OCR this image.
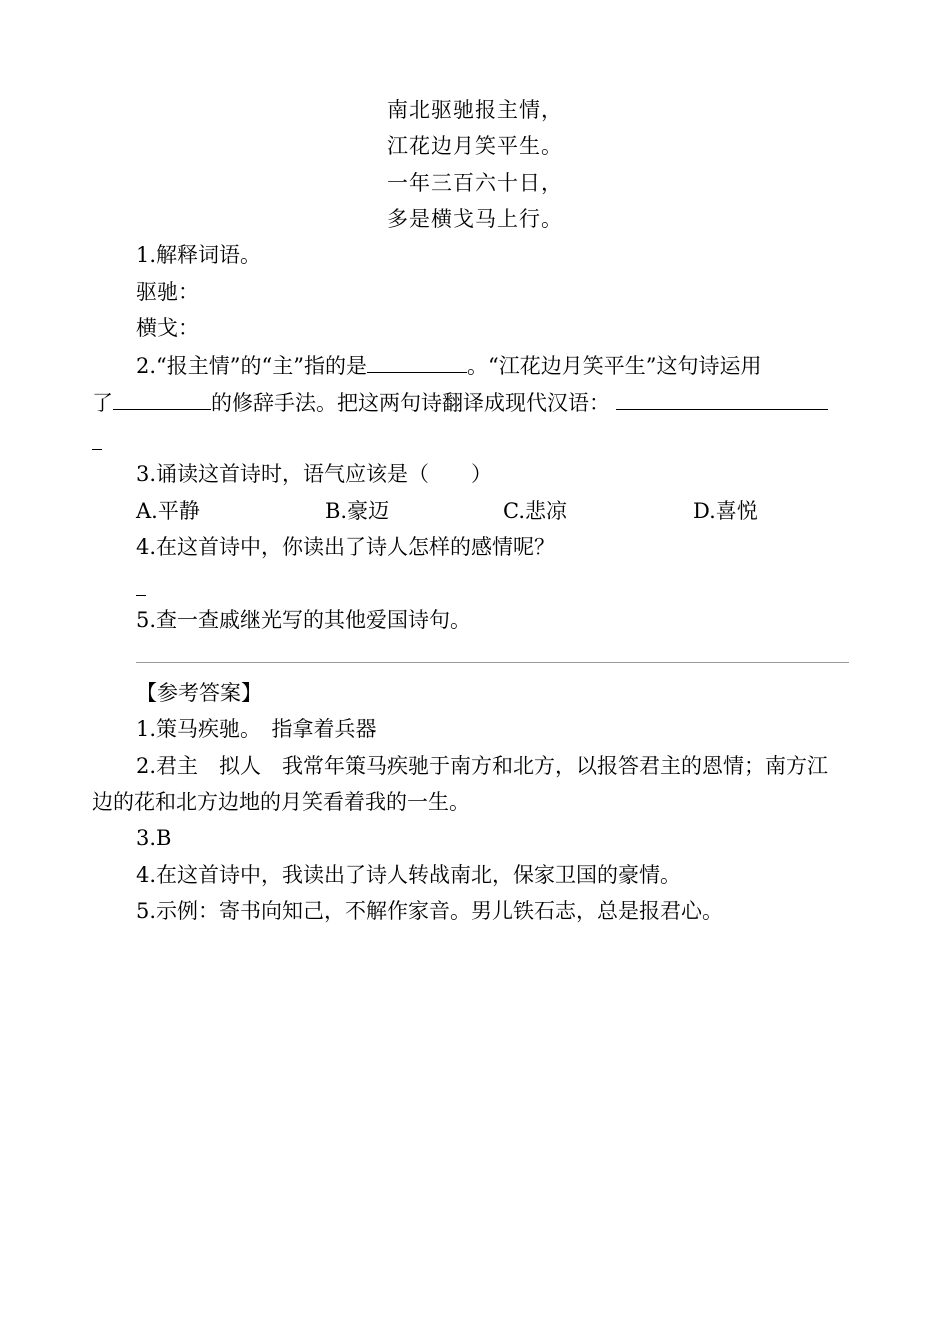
南北驱驰报主情，
江花边月笑平生。
一年三百六十日，
多是横戈马上行。
1.解释词语。
驱驰：
横戈：
2.“报主情”的“主”指的是	。“江花边月笑平生”这句诗运用
了	的修辞手法。把这两句诗翻译成现代汉语：
3.诵读这首诗时，语气应该是（　　）
A.平静	B.豪迈	C.悲凉	D.喜悦
4.在这首诗中，你读出了诗人怎样的感情呢？
5.查一查戚继光写的其他爱国诗句。
【参考答案】
1.策马疾驰。　指拿着兵器
2.君主　拟人　我常年策马疾驰于南方和北方，以报答君主的恩情；南方江
边的花和北方边地的月笑看着我的一生。
3.B
4.在这首诗中，我读出了诗人转战南北，保家卫国的豪情。
5.示例：寄书向知己，不解作家音。男儿铁石志，总是报君心。
